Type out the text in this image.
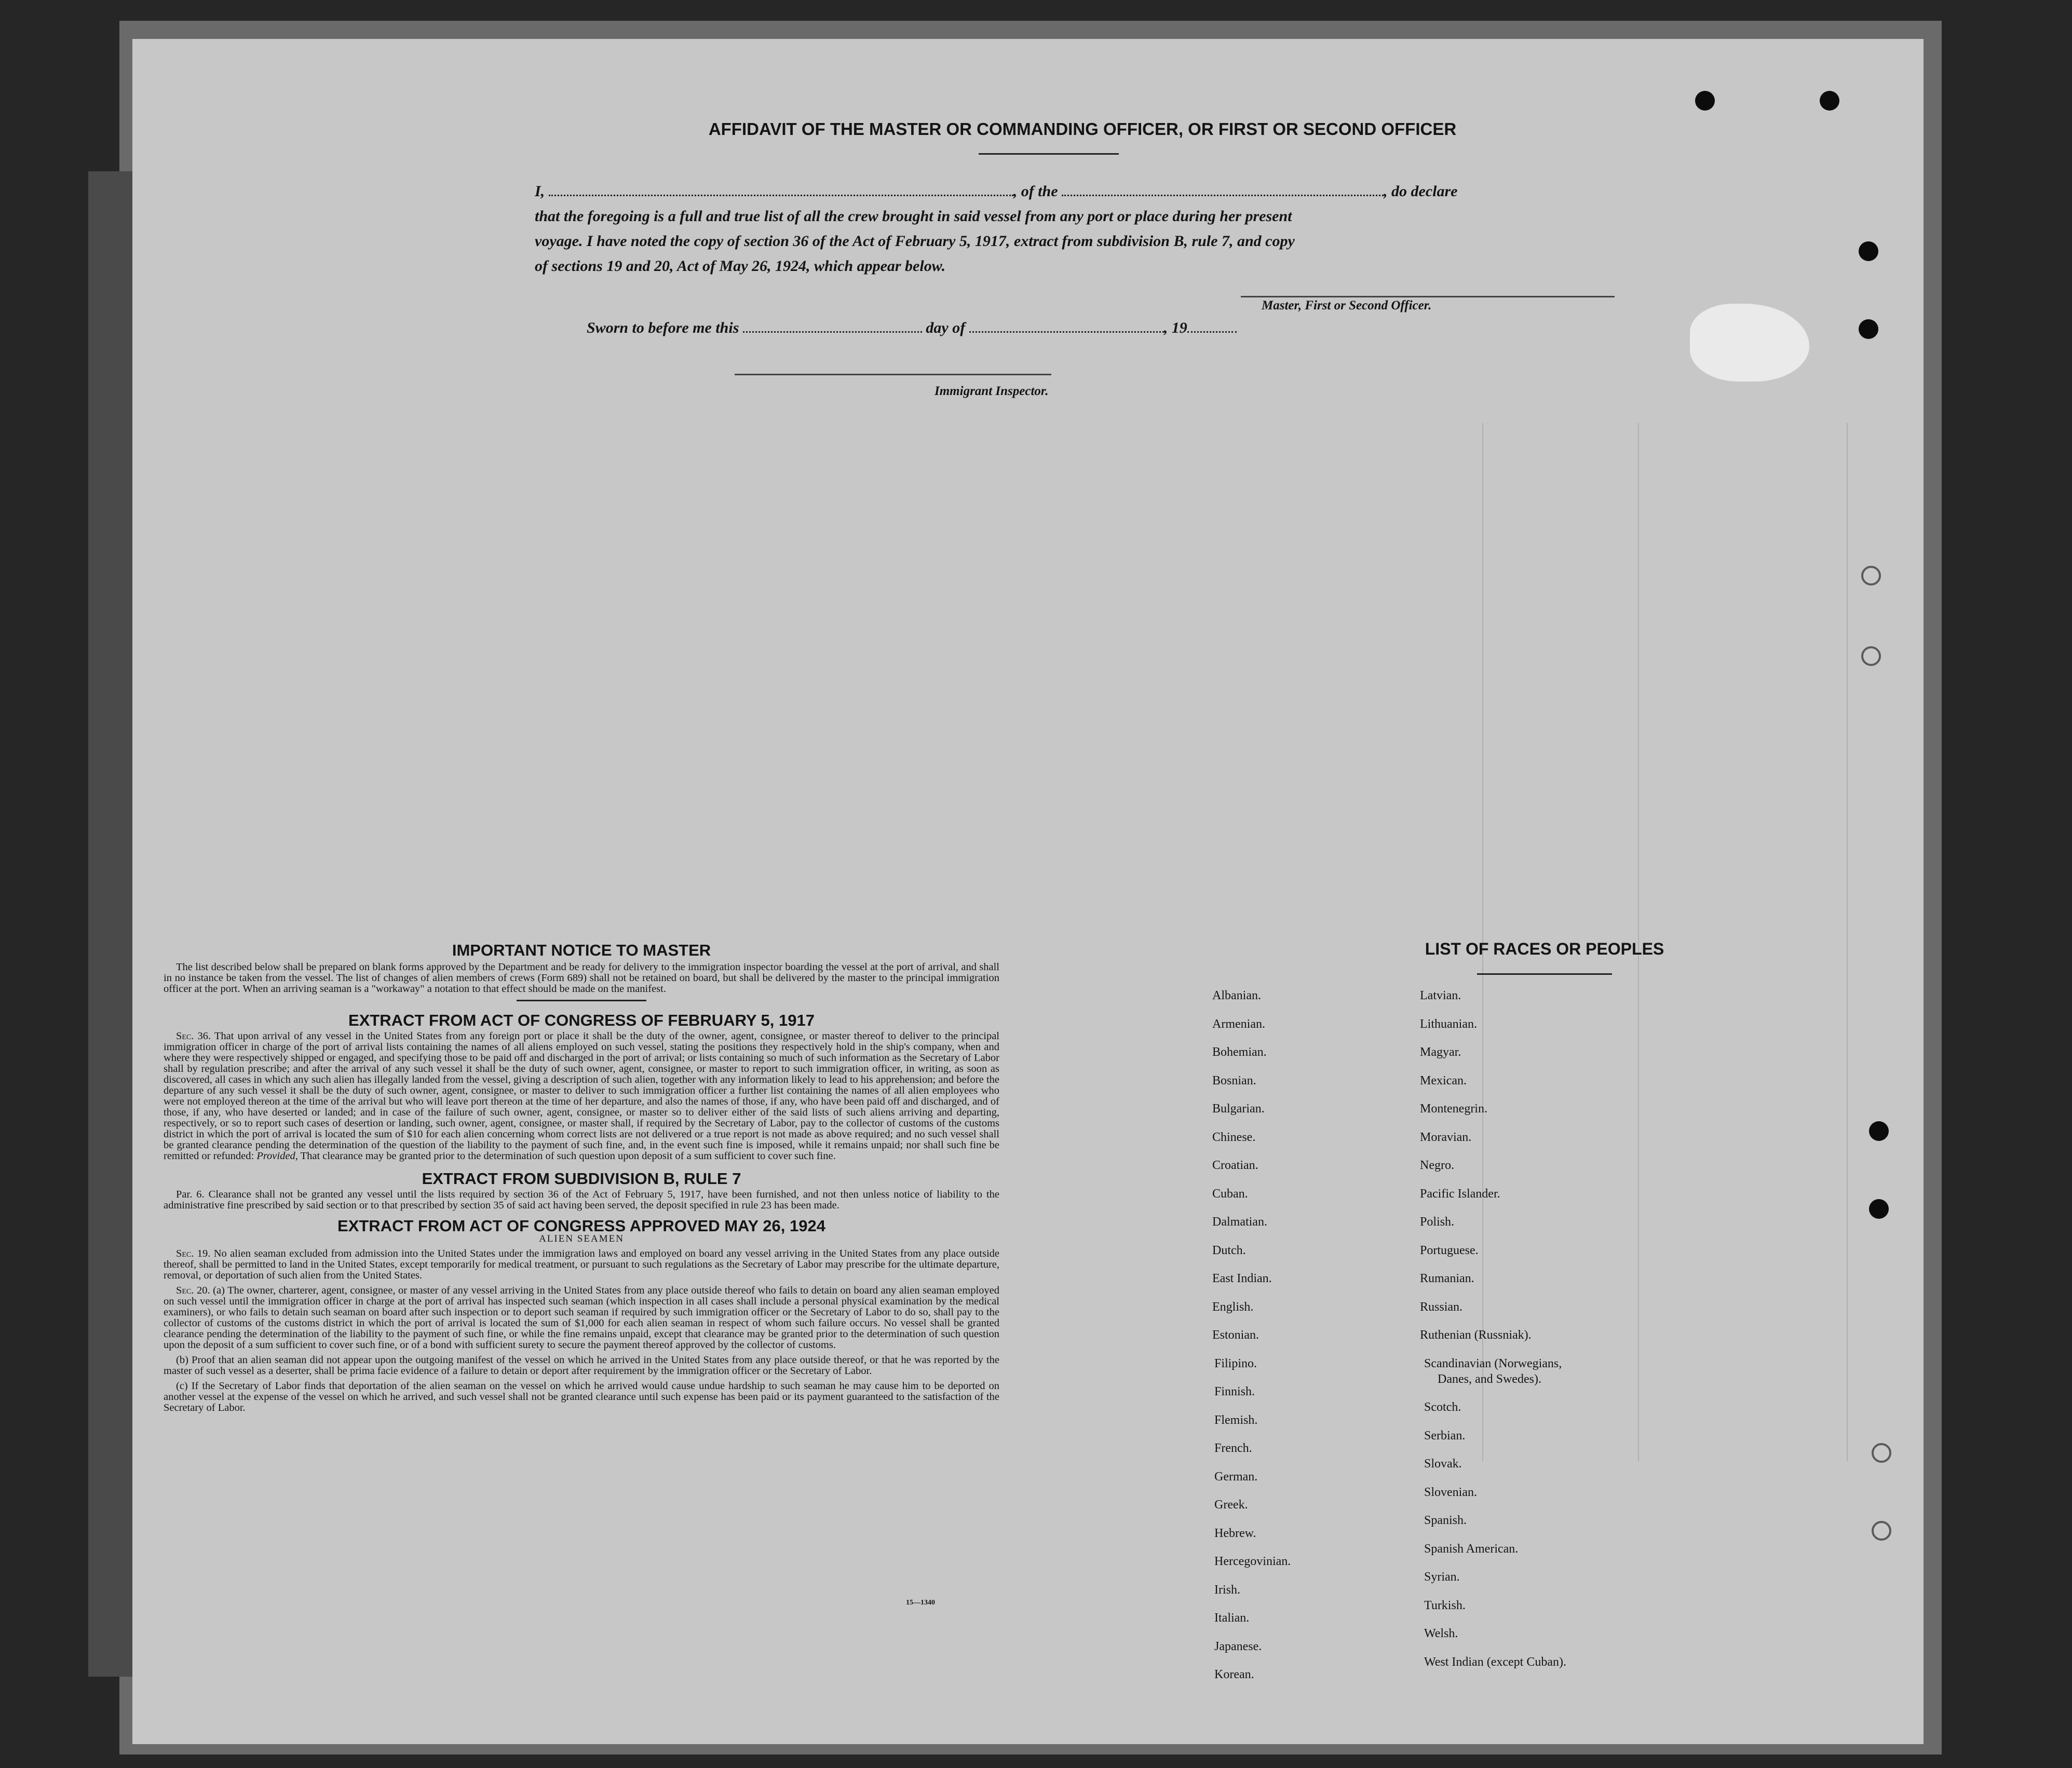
AFFIDAVIT OF THE MASTER OR COMMANDING OFFICER, OR FIRST OR SECOND OFFICER
I,	, of the	, do declare
that the foregoing is a full and true list of all the crew brought in said vessel from any port or place during her present
voyage. I have noted the copy of section 36 of the Act of February 5, 1917, extract from subdivision B, rule 7, and copy
of sections 19 and 20, Act of May 26, 1924, which appear below.
Master, First or Second Officer.
Sworn to before me this	day of	, 19
Immigrant Inspector.
IMPORTANT NOTICE TO MASTER

The list described below shall be prepared on blank forms approved by the Department and be ready for delivery to the immigration inspector boarding the vessel at the port of arrival, and shall in no instance be taken from the vessel. The list of changes of alien members of crews (Form 689) shall not be retained on board, but shall be delivered by the master to the principal immigration officer at the port. When an arriving seaman is a "workaway" a notation to that effect should be made on the manifest.

EXTRACT FROM ACT OF CONGRESS OF FEBRUARY 5, 1917

Sec. 36. That upon arrival of any vessel in the United States from any foreign port or place it shall be the duty of the owner, agent, consignee, or master thereof to deliver to the principal immigration officer in charge of the port of arrival lists containing the names of all aliens employed on such vessel, stating the positions they respectively hold in the ship's company, when and where they were respectively shipped or engaged, and specifying those to be paid off and discharged in the port of arrival; or lists containing so much of such information as the Secretary of Labor shall by regulation prescribe; and after the arrival of any such vessel it shall be the duty of such owner, agent, consignee, or master to report to such immigration officer, in writing, as soon as discovered, all cases in which any such alien has illegally landed from the vessel, giving a description of such alien, together with any information likely to lead to his apprehension; and before the departure of any such vessel it shall be the duty of such owner, agent, consignee, or master to deliver to such immigration officer a further list containing the names of all alien employees who were not employed thereon at the time of the arrival but who will leave port thereon at the time of her departure, and also the names of those, if any, who have been paid off and discharged, and of those, if any, who have deserted or landed; and in case of the failure of such owner, agent, consignee, or master so to deliver either of the said lists of such aliens arriving and departing, respectively, or so to report such cases of desertion or landing, such owner, agent, consignee, or master shall, if required by the Secretary of Labor, pay to the collector of customs of the customs district in which the port of arrival is located the sum of $10 for each alien concerning whom correct lists are not delivered or a true report is not made as above required; and no such vessel shall be granted clearance pending the determination of the question of the liability to the payment of such fine, and, in the event such fine is imposed, while it remains unpaid; nor shall such fine be remitted or refunded: Provided, That clearance may be granted prior to the determination of such question upon deposit of a sum sufficient to cover such fine.

EXTRACT FROM SUBDIVISION B, RULE 7

Par. 6. Clearance shall not be granted any vessel until the lists required by section 36 of the Act of February 5, 1917, have been furnished, and not then unless notice of liability to the administrative fine prescribed by said section or to that prescribed by section 35 of said act having been served, the deposit specified in rule 23 has been made.

EXTRACT FROM ACT OF CONGRESS APPROVED MAY 26, 1924
ALIEN SEAMEN

Sec. 19. No alien seaman excluded from admission into the United States under the immigration laws and employed on board any vessel arriving in the United States from any place outside thereof, shall be permitted to land in the United States, except temporarily for medical treatment, or pursuant to such regulations as the Secretary of Labor may prescribe for the ultimate departure, removal, or deportation of such alien from the United States.

Sec. 20. (a) The owner, charterer, agent, consignee, or master of any vessel arriving in the United States from any place outside thereof who fails to detain on board any alien seaman employed on such vessel until the immigration officer in charge at the port of arrival has inspected such seaman (which inspection in all cases shall include a personal physical examination by the medical examiners), or who fails to detain such seaman on board after such inspection or to deport such seaman if required by such immigration officer or the Secretary of Labor to do so, shall pay to the collector of customs of the customs district in which the port of arrival is located the sum of $1,000 for each alien seaman in respect of whom such failure occurs. No vessel shall be granted clearance pending the determination of the liability to the payment of such fine, or while the fine remains unpaid, except that clearance may be granted prior to the determination of such question upon the deposit of a sum sufficient to cover such fine, or of a bond with sufficient surety to secure the payment thereof approved by the collector of customs.

(b) Proof that an alien seaman did not appear upon the outgoing manifest of the vessel on which he arrived in the United States from any place outside thereof, or that he was reported by the master of such vessel as a deserter, shall be prima facie evidence of a failure to detain or deport after requirement by the immigration officer or the Secretary of Labor.

(c) If the Secretary of Labor finds that deportation of the alien seaman on the vessel on which he arrived would cause undue hardship to such seaman he may cause him to be deported on another vessel at the expense of the vessel on which he arrived, and such vessel shall not be granted clearance until such expense has been paid or its payment guaranteed to the satisfaction of the Secretary of Labor.

15—1340
LIST OF RACES OR PEOPLES
Albanian.
Armenian.
Bohemian.
Bosnian.
Bulgarian.
Chinese.
Croatian.
Cuban.
Dalmatian.
Dutch.
East Indian.
English.
Estonian.
Filipino.
Finnish.
Flemish.
French.
German.
Greek.
Hebrew.
Hercegovinian.
Irish.
Italian.
Japanese.
Korean.
Latvian.
Lithuanian.
Magyar.
Mexican.
Montenegrin.
Moravian.
Negro.
Pacific Islander.
Polish.
Portuguese.
Rumanian.
Russian.
Ruthenian (Russniak).
Scandinavian (Norwegians,
Danes, and Swedes).
Scotch.
Serbian.
Slovak.
Slovenian.
Spanish.
Spanish American.
Syrian.
Turkish.
Welsh.
West Indian (except Cuban).
